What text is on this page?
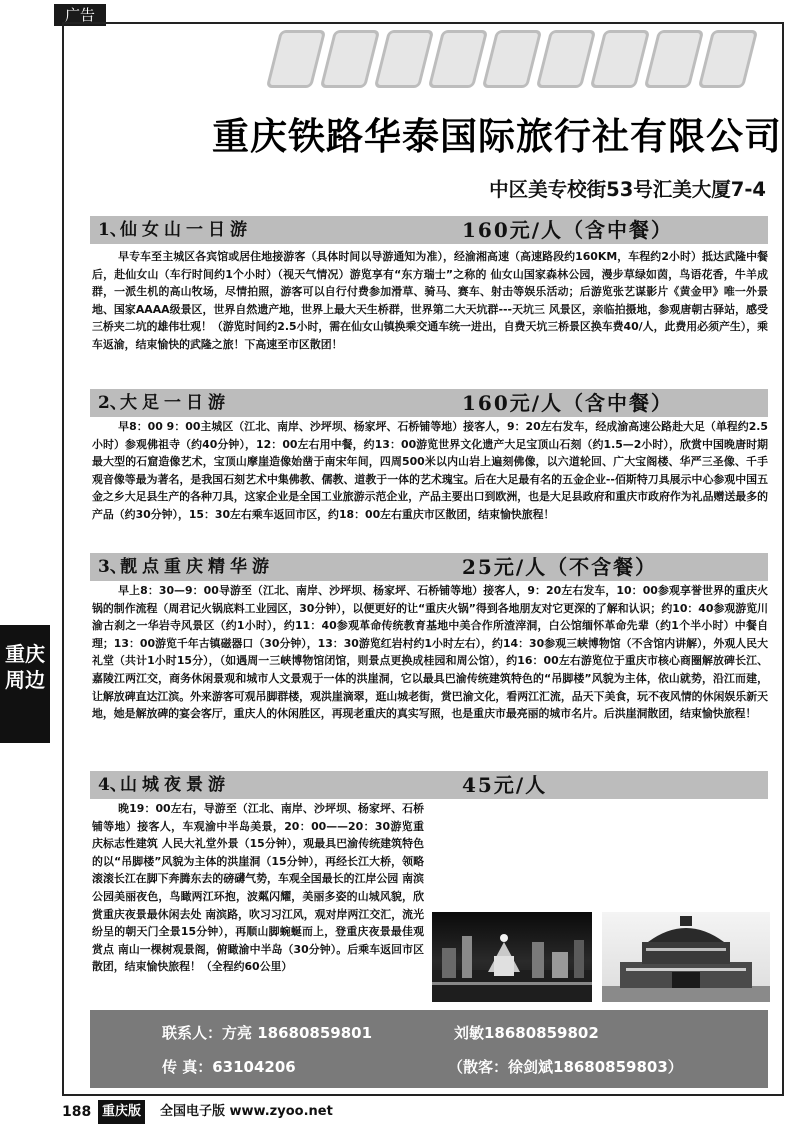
广告
重庆铁路华泰国际旅行社有限公司
中区美专校街53号汇美大厦7-4
1、
仙女山一日游	160元/人（含中餐）

早专车至主城区各宾馆或居住地接游客（具体时间以导游通知为准），经渝湘高速（高速路段约160KM，车程约2小时）抵达武隆中餐后，赴仙女山（车行时间约1个小时）（视天气情况）游览享有“东方瑞士”之称的 仙女山国家森林公园，漫步草绿如茵，鸟语花香，牛羊成群，一派生机的高山牧场，尽情拍照，游客可以自行付费参加滑草、骑马、赛车、射击等娱乐活动；后游览张艺谋影片《黄金甲》唯一外景地、国家AAAA级景区，世界自然遗产地，世界上最大天生桥群，世界第二大天坑群---天坑三 风景区，亲临拍摄地，参观唐朝古驿站，感受三桥夹二坑的雄伟壮观！（游览时间约2.5小时，需在仙女山镇换乘交通车统一进出，自费天坑三桥景区换车费40/人，此费用必须产生），乘车返渝，结束愉快的武隆之旅！下高速至市区散团！

2、
大足一日游	160元/人（含中餐）

早8：00 9：00主城区（江北、南岸、沙坪坝、杨家坪、石桥铺等地）接客人，9：20左右发车，经成渝高速公路赴大足（单程约2.5小时）参观佛祖寺（约40分钟），12：00左右用中餐，约13：00游览世界文化遗产大足宝顶山石刻（约1.5—2小时），欣赏中国晚唐时期最大型的石窟造像艺术，宝顶山摩崖造像始凿于南宋年间，四周500米以内山岩上遍刻佛像，以六道轮回、广大宝阁楼、华严三圣像、千手观音像等最为著名，是我国石刻艺术中集佛教、儒教、道教于一体的艺术瑰宝。后在大足最有名的五金企业--佰斯特刀具展示中心参观中国五金之乡大足县生产的各种刀具，这家企业是全国工业旅游示范企业，产品主要出口到欧洲，也是大足县政府和重庆市政府作为礼品赠送最多的产品（约30分钟），15：30左右乘车返回市区，约18：00左右重庆市区散团，结束愉快旅程！

3、
靓点重庆精华游	25元/人（不含餐）

早上8：30—9：00导游至（江北、南岸、沙坪坝、杨家坪、石桥铺等地）接客人，9：20左右发车，10：00参观享誉世界的重庆火锅的制作流程（周君记火锅底料工业园区，30分钟），以便更好的让“重庆火锅”得到各地朋友对它更深的了解和认识；约10：40参观游览川渝古刹之一华岩寺风景区（约1小时），约11：40参观革命传统教育基地中美合作所渣滓洞，白公馆缅怀革命先辈（约1个半小时）中餐自理；13：00游览千年古镇磁器口（30分钟），13：30游览红岩村约1小时左右），约14：30参观三峡博物馆（不含馆内讲解），外观人民大礼堂（共计1小时15分），（如遇周一三峡博物馆闭馆，则景点更换成桂园和周公馆），约16：00左右游览位于重庆市核心商圈解放碑长江、嘉陵江两江交，商务休闲景观和城市人文景观于一体的洪崖洞，它以最具巴渝传统建筑特色的“吊脚楼”风貌为主体，依山就势，沿江而建，让解放碑直达江滨。外来游客可观吊脚群楼，观洪崖滴翠，逛山城老街，赏巴渝文化，看两江汇流，品天下美食，玩不夜风情的休闲娱乐新天地，她是解放碑的宴会客厅，重庆人的休闲胜区，再现老重庆的真实写照，也是重庆市最亮丽的城市名片。后洪崖洞散团，结束愉快旅程！

4、
山城夜景游	45元/人

晚19：00左右，导游至（江北、南岸、沙坪坝、杨家坪、石桥铺等地）接客人，车观渝中半岛美景，20：00——20：30游览重庆标志性建筑 人民大礼堂外景（15分钟），观最具巴渝传统建筑特色的以“吊脚楼”风貌为主体的洪崖洞（15分钟），再经长江大桥，领略滚滚长江在脚下奔腾东去的磅礴气势，车观全国最长的江岸公园 南滨公园美丽夜色，鸟瞰两江环抱，波粼闪耀，美丽多姿的山城风貌，欣赏重庆夜景最休闲去处 南滨路，吹习习江风，观对岸两江交汇，流光纷呈的朝天门全景15分钟），再顺山脚蜿蜒而上，登重庆夜景最佳观赏点 南山一棵树观景阁，俯瞰渝中半岛（30分钟）。后乘车返回市区散团，结束愉快旅程！（全程约60公里）

联系人：方亮 18680859801	刘敏18680859802
传 真：63104206	（散客：徐剑斌18680859803）
重庆
周边
188 重庆版	全国电子版 www.zyoo.net
